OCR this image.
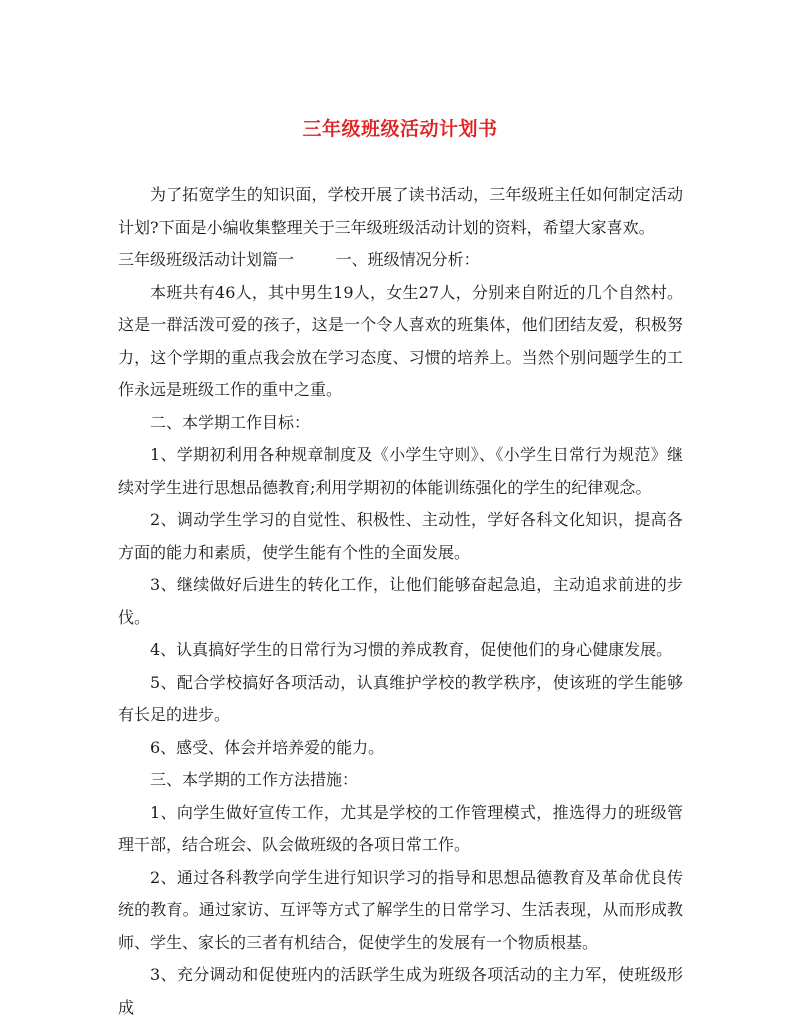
三年级班级活动计划书

为了拓宽学生的知识面，学校开展了读书活动，三年级班主任如何制定活动计划?下面是小编收集整理关于三年级班级活动计划的资料，希望大家喜欢。

三年级班级活动计划篇一	一、班级情况分析：

本班共有46人，其中男生19人，女生27人，分别来自附近的几个自然村。这是一群活泼可爱的孩子，这是一个令人喜欢的班集体，他们团结友爱，积极努力，这个学期的重点我会放在学习态度、习惯的培养上。当然个别问题学生的工作永远是班级工作的重中之重。

二、本学期工作目标：

1、学期初利用各种规章制度及《小学生守则》、《小学生日常行为规范》继续对学生进行思想品德教育;利用学期初的体能训练强化的学生的纪律观念。

2、调动学生学习的自觉性、积极性、主动性，学好各科文化知识，提高各方面的能力和素质，使学生能有个性的全面发展。

3、继续做好后进生的转化工作，让他们能够奋起急追，主动追求前进的步伐。

4、认真搞好学生的日常行为习惯的养成教育，促使他们的身心健康发展。

5、配合学校搞好各项活动，认真维护学校的教学秩序，使该班的学生能够有长足的进步。

6、感受、体会并培养爱的能力。

三、本学期的工作方法措施：

1、向学生做好宣传工作，尤其是学校的工作管理模式，推选得力的班级管理干部，结合班会、队会做班级的各项日常工作。

2、通过各科教学向学生进行知识学习的指导和思想品德教育及革命优良传统的教育。通过家访、互评等方式了解学生的日常学习、生活表现，从而形成教师、学生、家长的三者有机结合，促使学生的发展有一个物质根基。

3、充分调动和促使班内的活跃学生成为班级各项活动的主力军，使班级形成
